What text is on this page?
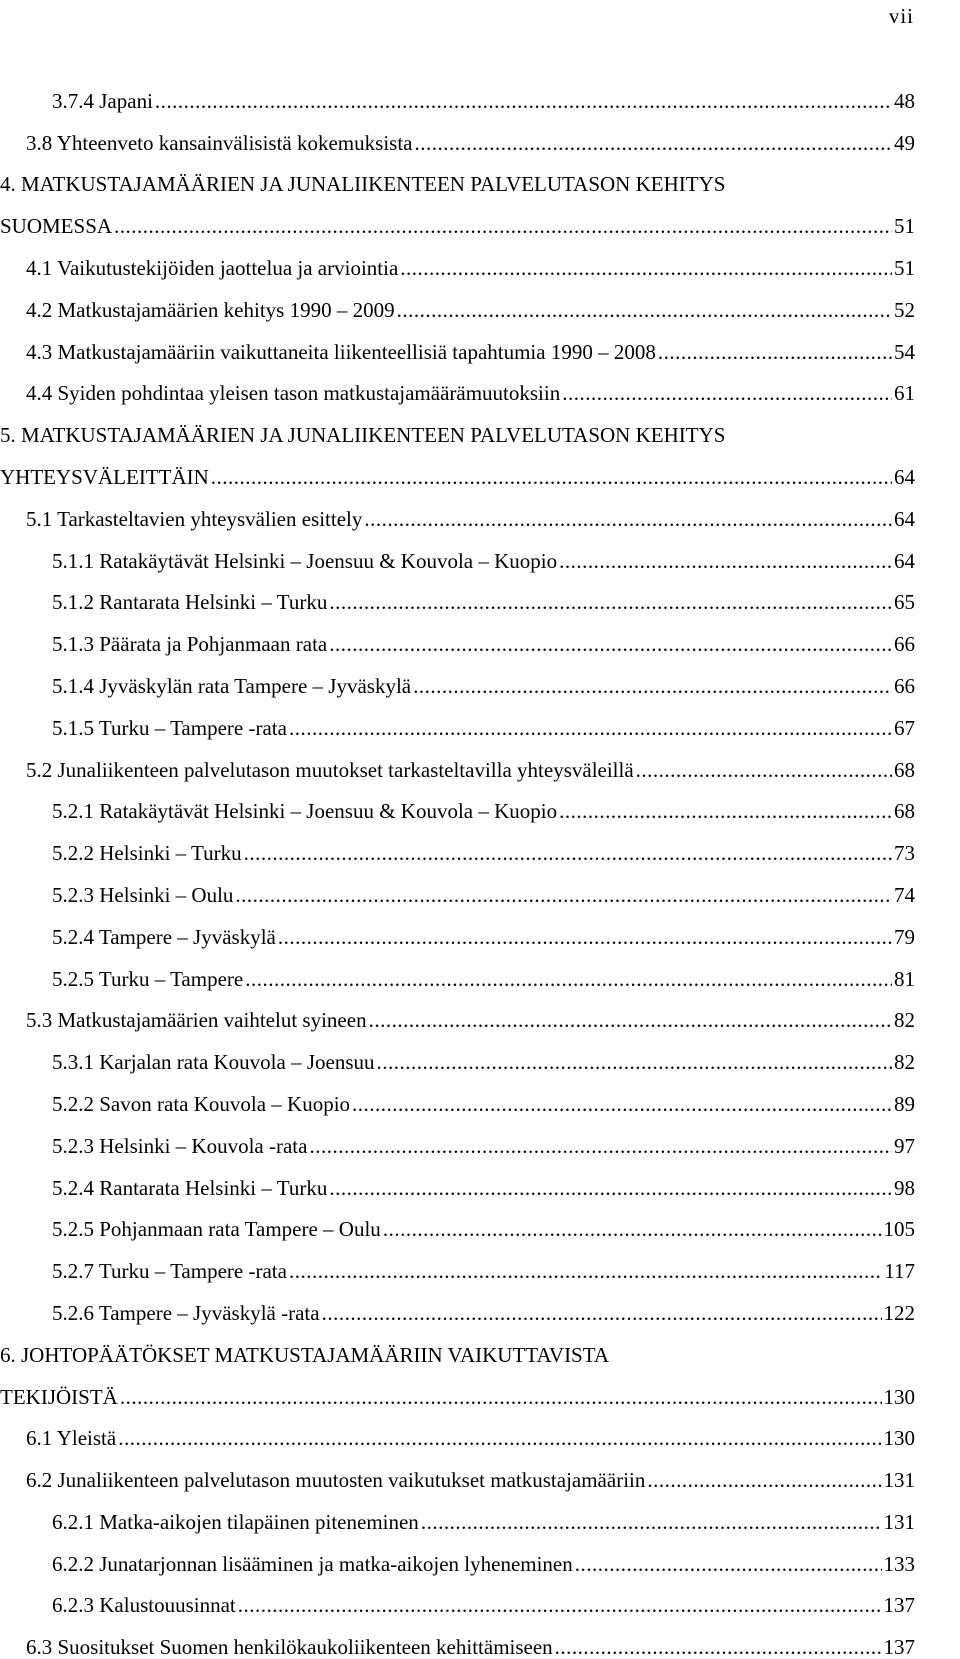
vii
3.7.4 Japani .....	48
3.8 Yhteenveto kansainvälisistä kokemuksista .....	49
4. MATKUSTAJAMÄÄRIEN JA JUNALIIKENTEEN PALVELUTASON KEHITYS
SUOMESSA .....	51
4.1 Vaikutustekijöiden jaottelua ja arviointia .....	51
4.2 Matkustajamäärien kehitys 1990 – 2009 .....	52
4.3 Matkustajamääriin vaikuttaneita liikenteellisiä tapahtumia 1990 – 2008 .....	54
4.4 Syiden pohdintaa yleisen tason matkustajamäärämuutoksiin .....	61
5. MATKUSTAJAMÄÄRIEN JA JUNALIIKENTEEN PALVELUTASON KEHITYS
YHTEYSVÄLEITTÄIN .....	64
5.1 Tarkasteltavien yhteysvälien esittely .....	64
5.1.1 Ratakäytävät Helsinki – Joensuu & Kouvola – Kuopio .....	64
5.1.2 Rantarata Helsinki – Turku .....	65
5.1.3 Päärata ja Pohjanmaan rata .....	66
5.1.4 Jyväskylän rata Tampere – Jyväskylä .....	66
5.1.5 Turku – Tampere -rata .....	67
5.2 Junaliikenteen palvelutason muutokset tarkasteltavilla yhteysväleillä .....	68
5.2.1 Ratakäytävät Helsinki – Joensuu & Kouvola – Kuopio .....	68
5.2.2 Helsinki – Turku .....	73
5.2.3 Helsinki – Oulu .....	74
5.2.4 Tampere – Jyväskylä .....	79
5.2.5 Turku – Tampere .....	81
5.3 Matkustajamäärien vaihtelut syineen .....	82
5.3.1 Karjalan rata Kouvola – Joensuu .....	82
5.2.2 Savon rata Kouvola – Kuopio .....	89
5.2.3 Helsinki – Kouvola -rata .....	97
5.2.4 Rantarata Helsinki – Turku .....	98
5.2.5 Pohjanmaan rata Tampere – Oulu .....	105
5.2.7 Turku – Tampere -rata .....	117
5.2.6 Tampere – Jyväskylä -rata .....	122
6. JOHTOPÄÄTÖKSET MATKUSTAJAMÄÄRIIN VAIKUTTAVISTA
TEKIJÖISTÄ .....	130
6.1 Yleistä .....	130
6.2 Junaliikenteen palvelutason muutosten vaikutukset matkustajamääriin .....	131
6.2.1 Matka-aikojen tilapäinen piteneminen .....	131
6.2.2 Junatarjonnan lisääminen ja matka-aikojen lyheneminen .....	133
6.2.3 Kalustouusinnat .....	137
6.3 Suositukset Suomen henkilökaukoliikenteen kehittämiseen .....	137
